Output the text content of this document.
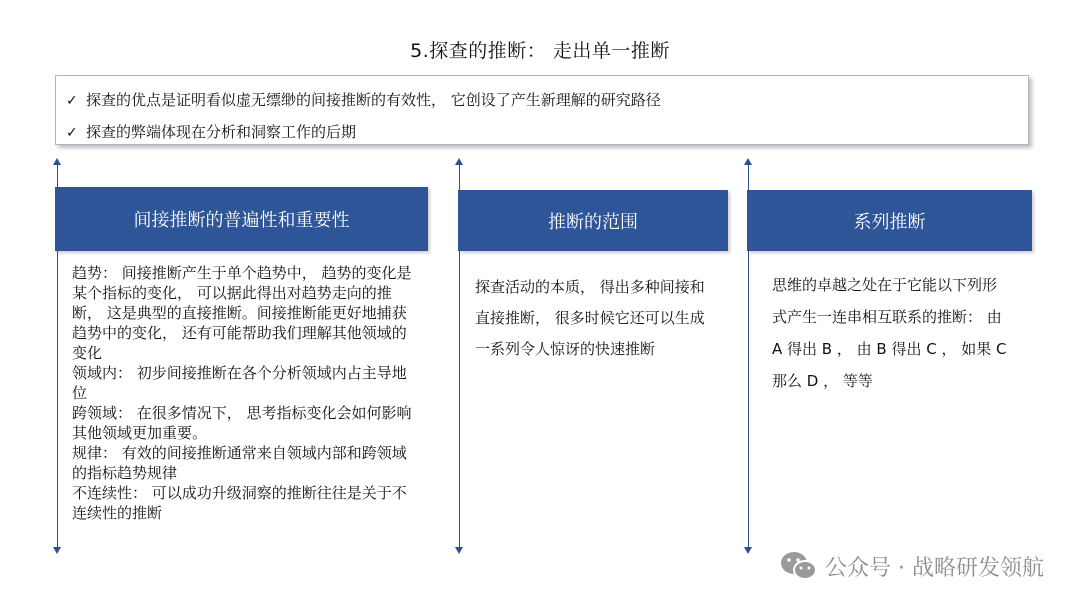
5.探查的推断： 走出单一推断
✓ 探查的优点是证明看似虚无缥缈的间接推断的有效性， 它创设了产生新理解的研究路径
✓ 探查的弊端体现在分析和洞察工作的后期
间接推断的普遍性和重要性	推断的范围	系列推断

趋势： 间接推断产生于单个趋势中， 趋势的变化是某个指标的变化， 可以据此得出对趋势走向的推断， 这是典型的直接推断。间接推断能更好地捕获趋势中的变化， 还有可能帮助我们理解其他领域的变化

领域内： 初步间接推断在各个分析领域内占主导地位

跨领域： 在很多情况下， 思考指标变化会如何影响其他领域更加重要。

规律： 有效的间接推断通常来自领域内部和跨领域的指标趋势规律

不连续性： 可以成功升级洞察的推断往往是关于不连续性的推断

探查活动的本质， 得出多种间接和直接推断， 很多时候它还可以生成一系列令人惊讶的快速推断

思维的卓越之处在于它能以下列形式产生一连串相互联系的推断： 由 A 得出 B ， 由 B 得出 C ， 如果 C 那么 D ， 等等

公众号 · 战略研发领航
